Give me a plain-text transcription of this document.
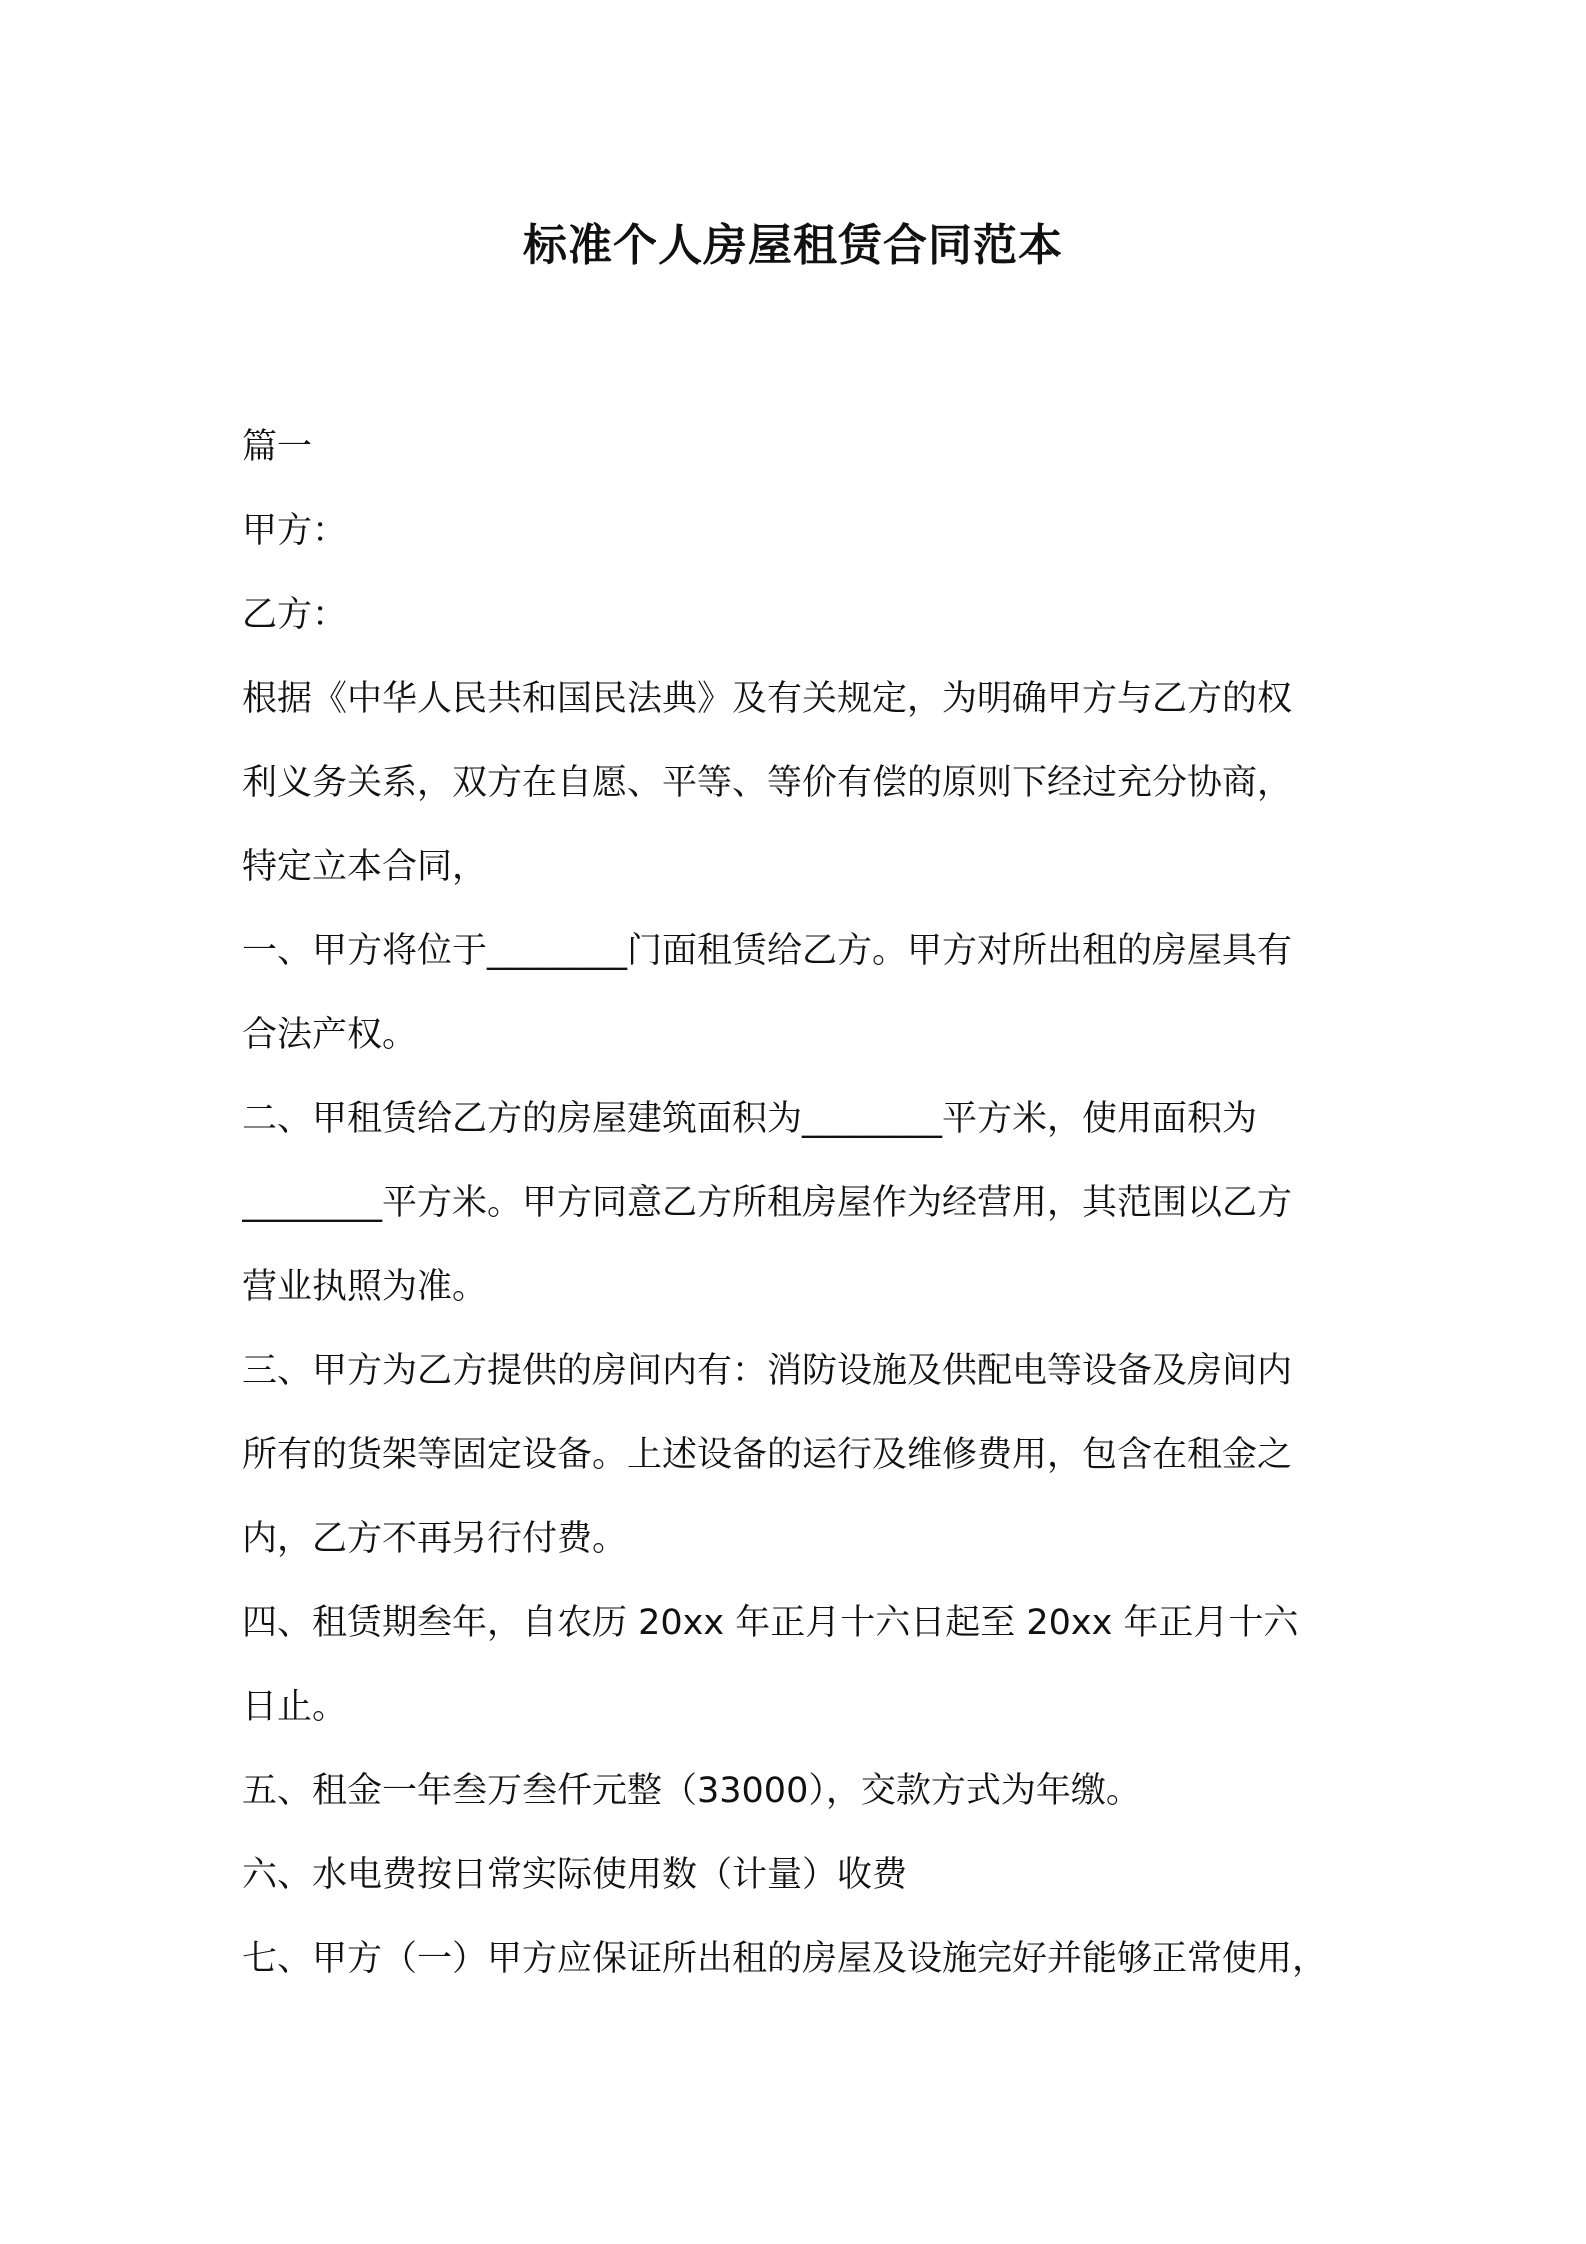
标准个人房屋租赁合同范本
篇一
甲方：
乙方：
根据《中华人民共和国民法典》及有关规定，为明确甲方与乙方的权
利义务关系，双方在自愿、平等、等价有偿的原则下经过充分协商，
特定立本合同，
一、甲方将位于________门面租赁给乙方。甲方对所出租的房屋具有
合法产权。
二、甲租赁给乙方的房屋建筑面积为________平方米，使用面积为
________平方米。甲方同意乙方所租房屋作为经营用，其范围以乙方
营业执照为准。
三、甲方为乙方提供的房间内有：消防设施及供配电等设备及房间内
所有的货架等固定设备。上述设备的运行及维修费用，包含在租金之
内，乙方不再另行付费。
四、租赁期叁年，自农历 20xx 年正月十六日起至 20xx 年正月十六
日止。
五、租金一年叁万叁仟元整（33000），交款方式为年缴。
六、水电费按日常实际使用数（计量）收费
七、甲方（一）甲方应保证所出租的房屋及设施完好并能够正常使用，
